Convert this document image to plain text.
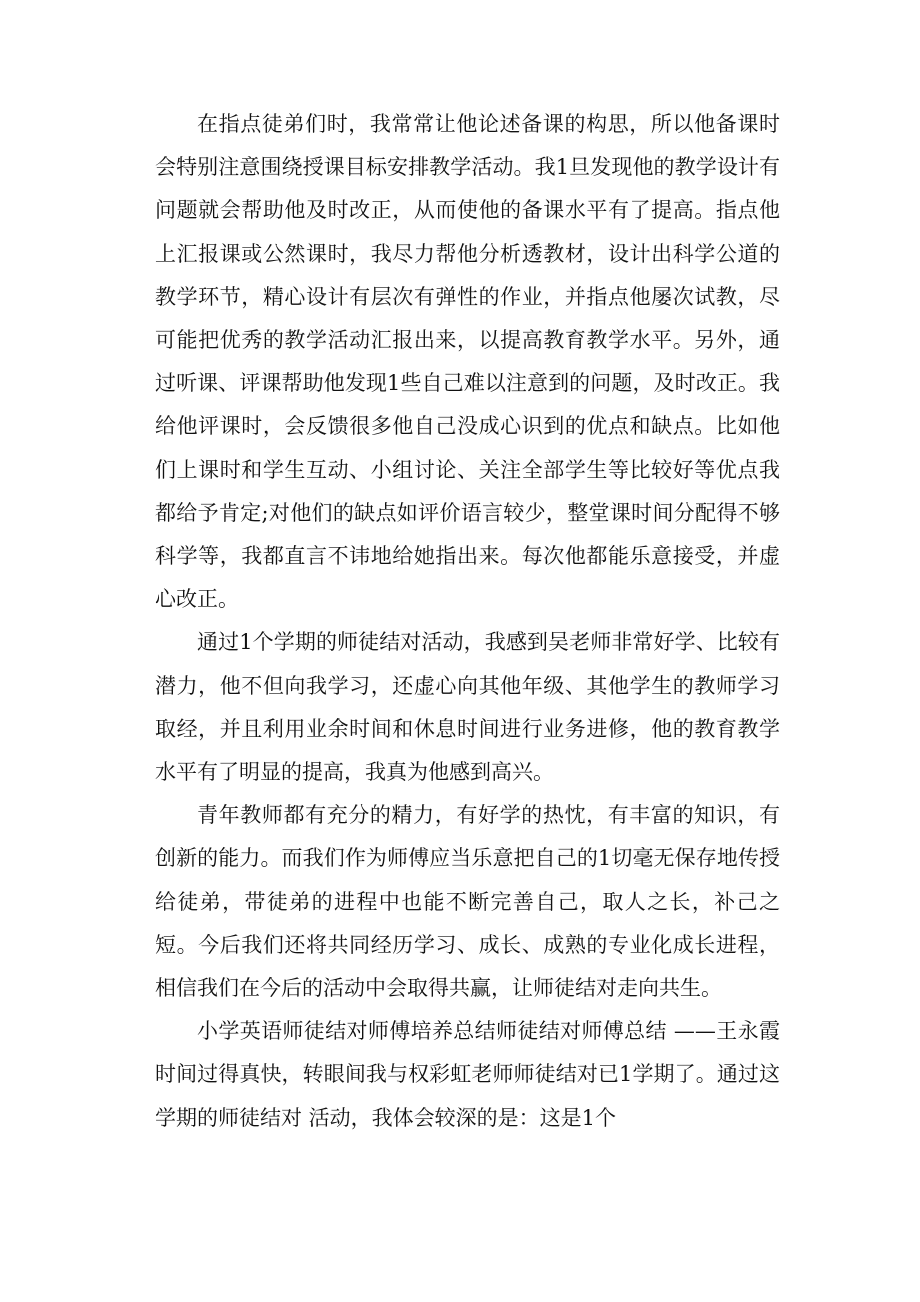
在指点徒弟们时，我常常让他论述备课的构思，所以他备课时会特别注意围绕授课目标安排教学活动。我1旦发现他的教学设计有问题就会帮助他及时改正，从而使他的备课水平有了提高。指点他上汇报课或公然课时，我尽力帮他分析透教材，设计出科学公道的教学环节，精心设计有层次有弹性的作业，并指点他屡次试教，尽可能把优秀的教学活动汇报出来，以提高教育教学水平。另外，通过听课、评课帮助他发现1些自己难以注意到的问题，及时改正。我给他评课时，会反馈很多他自己没成心识到的优点和缺点。比如他们上课时和学生互动、小组讨论、关注全部学生等比较好等优点我都给予肯定;对他们的缺点如评价语言较少，整堂课时间分配得不够科学等，我都直言不讳地给她指出来。每次他都能乐意接受，并虚心改正。

通过1个学期的师徒结对活动，我感到吴老师非常好学、比较有潜力，他不但向我学习，还虚心向其他年级、其他学生的教师学习取经，并且利用业余时间和休息时间进行业务进修，他的教育教学水平有了明显的提高，我真为他感到高兴。

青年教师都有充分的精力，有好学的热忱，有丰富的知识，有创新的能力。而我们作为师傅应当乐意把自己的1切毫无保存地传授给徒弟，带徒弟的进程中也能不断完善自己，取人之长，补己之短。今后我们还将共同经历学习、成长、成熟的专业化成长进程，相信我们在今后的活动中会取得共赢，让师徒结对走向共生。

小学英语师徒结对师傅培养总结师徒结对师傅总结 ——王永霞时间过得真快，转眼间我与权彩虹老师师徒结对已1学期了。通过这学期的师徒结对 活动，我体会较深的是：这是1个
